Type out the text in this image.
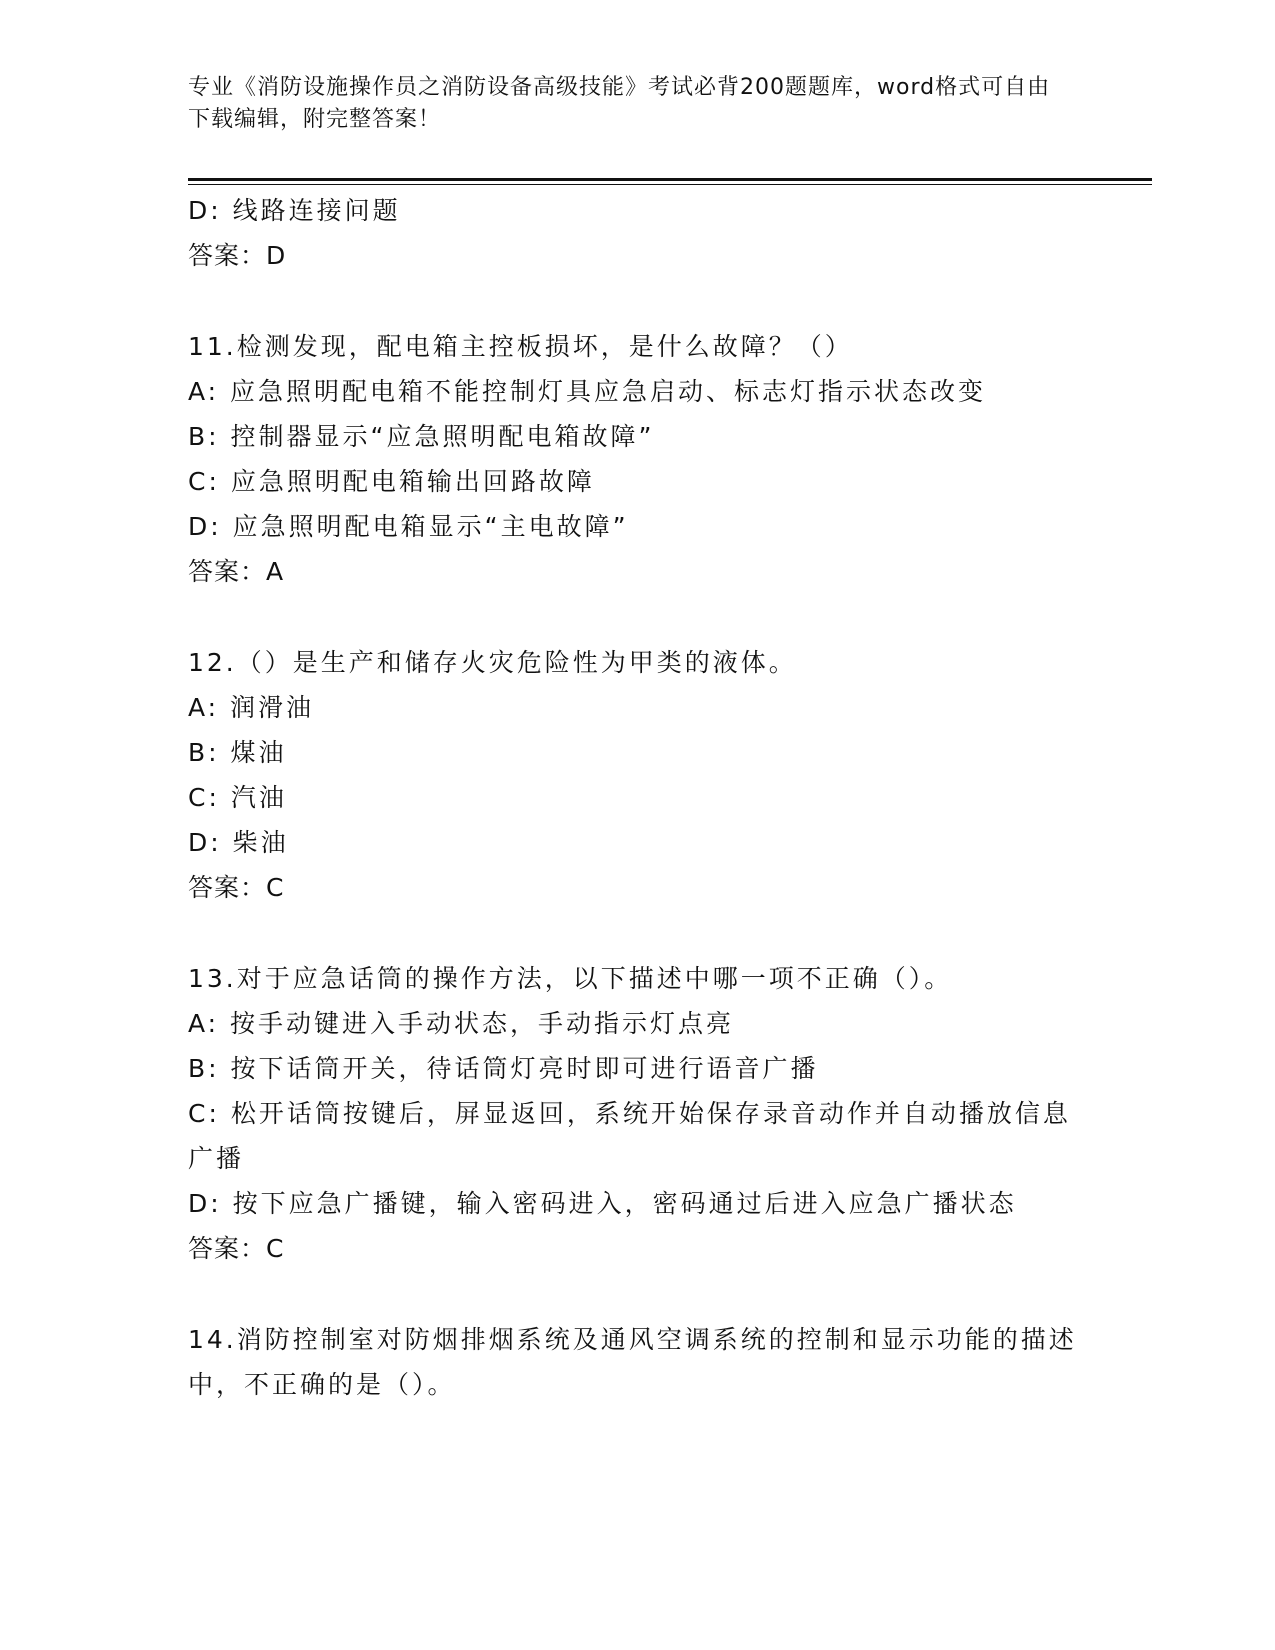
专业《消防设施操作员之消防设备高级技能》考试必背200题题库，word格式可自由下载编辑，附完整答案！
D: 线路连接问题
答案：D
11.检测发现，配电箱主控板损坏，是什么故障？（）
A: 应急照明配电箱不能控制灯具应急启动、标志灯指示状态改变
B: 控制器显示“应急照明配电箱故障”
C: 应急照明配电箱输出回路故障
D: 应急照明配电箱显示“主电故障”
答案：A
12.（）是生产和储存火灾危险性为甲类的液体。
A: 润滑油
B: 煤油
C: 汽油
D: 柴油
答案：C
13.对于应急话筒的操作方法，以下描述中哪一项不正确（）。
A: 按手动键进入手动状态，手动指示灯点亮
B: 按下话筒开关，待话筒灯亮时即可进行语音广播
C: 松开话筒按键后，屏显返回，系统开始保存录音动作并自动播放信息广播
D: 按下应急广播键，输入密码进入，密码通过后进入应急广播状态
答案：C
14.消防控制室对防烟排烟系统及通风空调系统的控制和显示功能的描述中，不正确的是（）。
